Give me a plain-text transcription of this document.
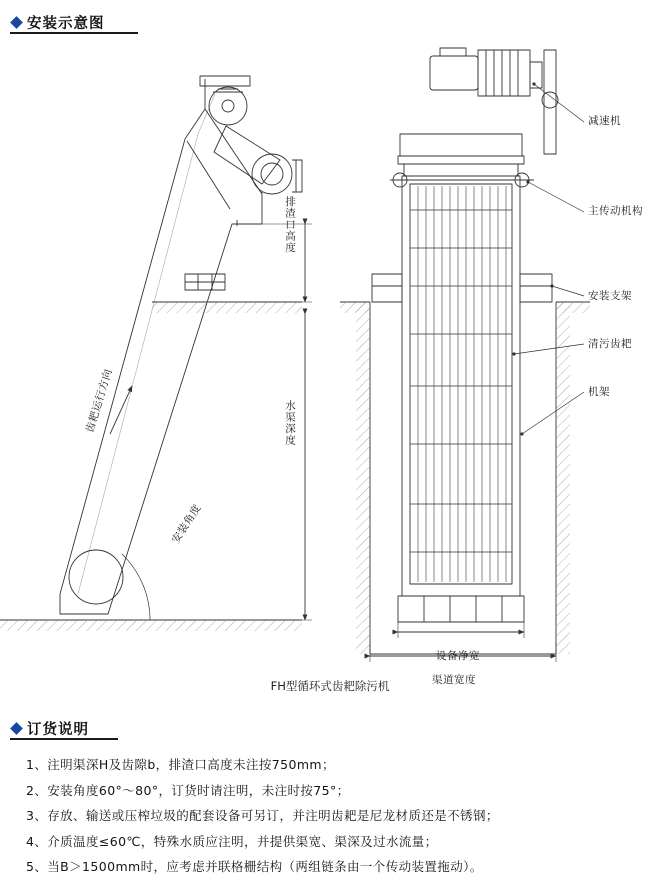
安装示意图
减速机
主传动机构
安装支架
清污齿耙
机架
排渣口高度
水渠深度
设备净宽
渠道宽度
安装角度
齿耙运行方向
FH型循环式齿耙除污机
订货说明
1、注明渠深H及齿隙b，排渣口高度未注按750mm；
2、安装角度60°～80°，订货时请注明，未注时按75°；
3、存放、输送或压榨垃圾的配套设备可另订，并注明齿耙是尼龙材质还是不锈钢；
4、介质温度≤60℃，特殊水质应注明，并提供渠宽、渠深及过水流量；
5、当B＞1500mm时，应考虑并联格栅结构（两组链条由一个传动装置拖动）。
